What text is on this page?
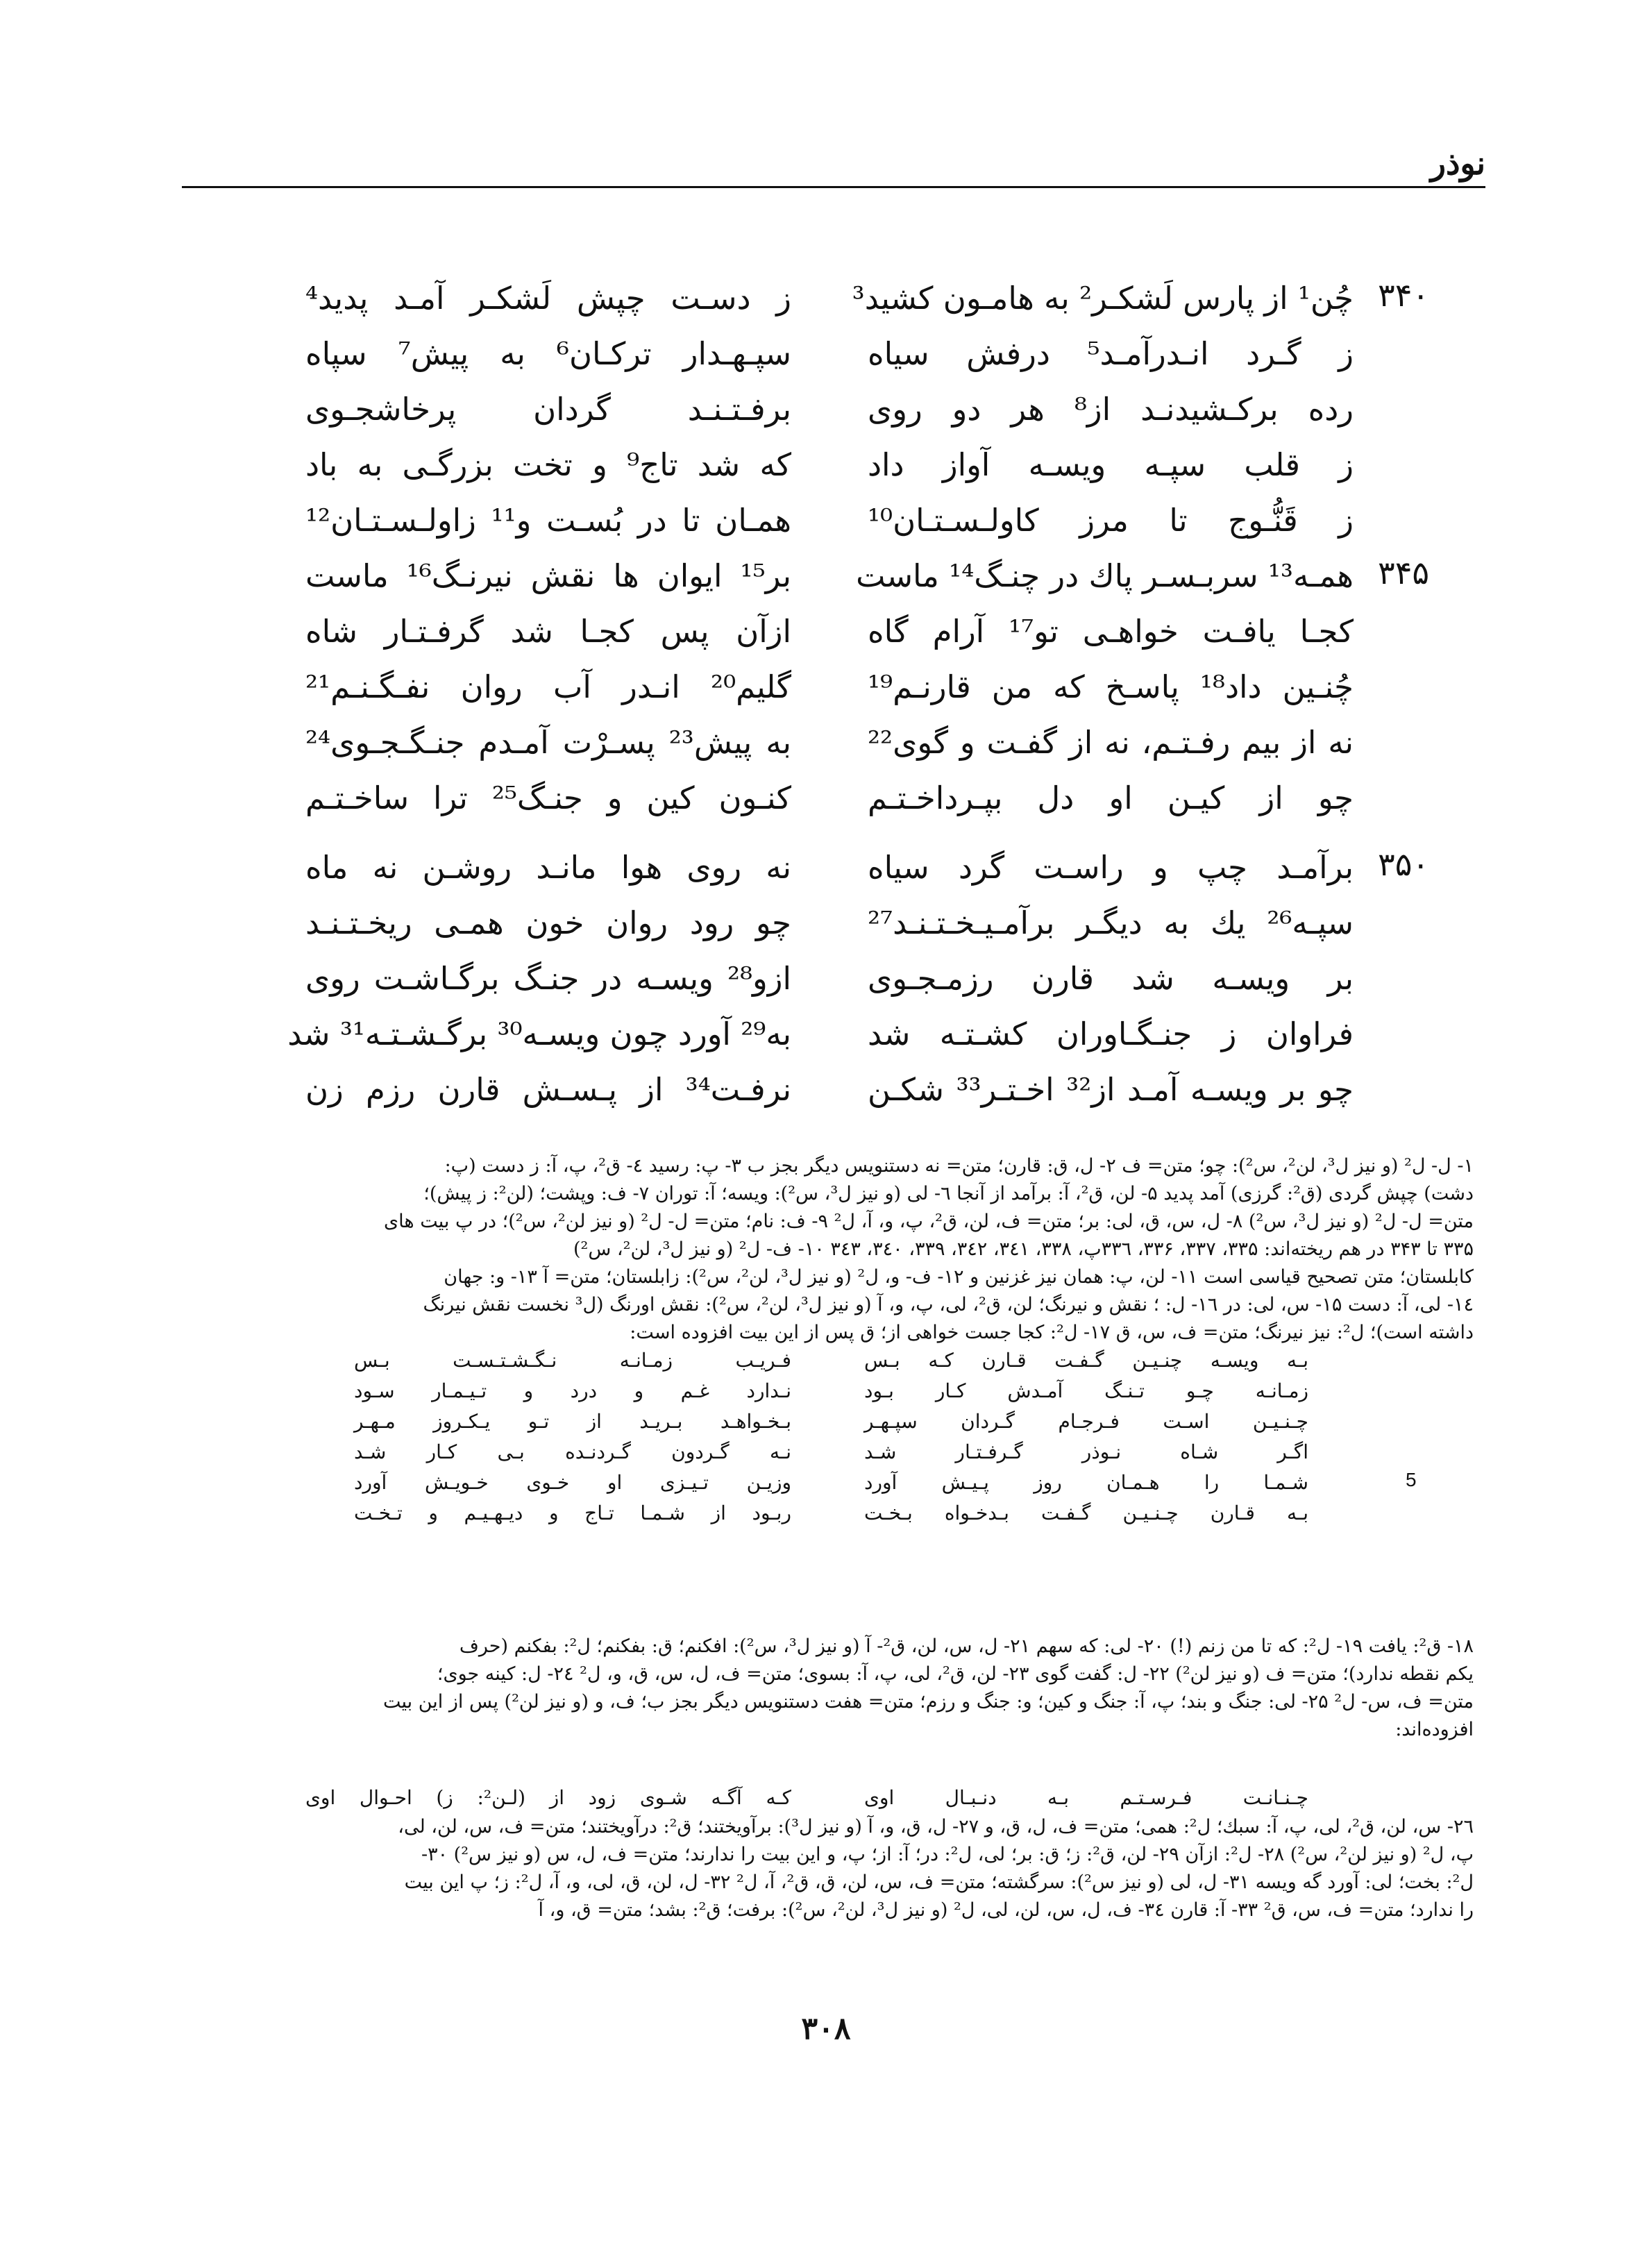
نوذر
۳۴۰
چُن¹ از پارس لَشکـر² به هامـون کشید³
ز دسـت چپش لَشکـر آمـد پدید⁴
ز گـرد انـدرآمـد⁵ درفش سیاه
سپـهـدار ترکـان⁶ به پیش⁷ سپاه
رده برکـشیدنـد از⁸ هر دو روی
برفـتـنـد گردان پرخاشجـوی
ز قلب سپـه ویسـه آواز داد
که شد تاج⁹ و تخت بزرگـی به باد
ز قَنُّـوج تا مرز کاولـسـتـان¹⁰
همـان تا در بُسـت و¹¹ زاولـسـتـان¹²
۳۴۵
همـه¹³ سربـسـر پاك در چنـگ¹⁴ ماست
بر¹⁵ ایوان ها نقش نیرنـگ¹⁶ ماست
کجـا یافـت خواهـی تو¹⁷ آرام گاه
ازآن پس کجـا شد گرفـتـار شاه
چُنـین داد¹⁸ پاسـخ که من قارنـم¹⁹
گلیم²⁰ انـدر آب روان نفـگـنـم²¹
نه از بیم رفـتـم، نه از گفـت و گوی²²
به پیش²³ پسـرْت آمـدم جنـگـجـوی²⁴
چو از کیـن او دل بپـرداخـتـم
کنـون کین و جنـگ²⁵ ترا ساخـتـم
۳۵۰
برآمـد چپ و راسـت گرد سیاه
نه روی هوا مانـد روشـن نه ماه
سپـه²⁶ یك به دیگـر برآمـیـخـتـنـد²⁷
چو رود روان خون همـی ریخـتـنـد
بر ویسـه شد قارن رزمـجـوی
ازو²⁸ ویسـه در جنـگ برگـاشـت روی
فراوان ز جنـگـاوران کشـتـه شد
به²⁹ آورد چون ویسـه³⁰ برگـشـتـه³¹ شد
چو بر ویسـه آمـد از³² اخـتـر³³ شکـن
نرفـت³⁴ از پـسـش قارن رزم زن
۱- ل- ل² (و نیز ل³، لن²، س²): چو؛ متن= ف ۲- ل، ق: قارن؛ متن= نه دستنویس دیگر بجز ب ۳- پ: رسید ٤- ق²، پ، آ: ز دست (پ:
دشت) چپش گردی (ق²: گرزی) آمد پدید ۵- لن، ق²، آ: برآمد از آنجا ٦- لی (و نیز ل³، س²): ویسه؛ آ: توران ۷- ف: وپشت؛ (لن²: ز پیش)؛
متن= ل- ل² (و نیز ل³، س²) ۸- ل، س، ق، لی: بر؛ متن= ف، لن، ق²، پ، و، آ، ل² ۹- ف: نام؛ متن= ل- ل² (و نیز لن²، س²)؛ در پ بیت های
۳۳۵ تا ۳۴۳ در هم ریخته‌اند: ۳۳۵، ۳۳۷، ۳۳۶، ۳۳٦پ، ۳۳۸، ۳٤۱، ۳٤۲، ۳۳۹، ۳٤۰، ۳٤۳ ۱۰- ف- ل² (و نیز ل³، لن²، س²)
کابلستان؛ متن تصحیح قیاسی است ۱۱- لن، پ: همان نیز غزنین و ۱۲- ف- و، ل² (و نیز ل³، لن²، س²): زابلستان؛ متن= آ ۱۳- و: جهان
۱٤- لی، آ: دست ۱۵- س، لی: در ۱٦- ل: ؛ نقش و نیرنگ؛ لن، ق²، لی، پ، و، آ (و نیز ل³، لن²، س²): نقش اورنگ (ل³ نخست نقش نیرنگ
داشته است)؛ ل²: نیز نیرنگ؛ متن= ف، س، ق ۱۷- ل²: کجا جست خواهی از؛ ق پس از این بیت افزوده است:
بـه ویسـه چنـیـن گـفـت قـارن کـه بـس
فـریـب زمـانـه نـگـشـتـسـت بـس
زمـانـه چـو تـنـگ آمـدش کـار بـود
نـدارد غـم و درد و تـیـمـار سـود
چـنـیـن اسـت فـرجـام گـردان سپـهـر
بـخـواهـد بـریـد از تـو یـکـروز مـهـر
اگـر شـاه نـوذر گـرفـتـار شـد
نـه گـردون گـردنـده بـی کـار شـد
5
شـمـا را هـمـان روز پـیـش آورد
وزیـن تـیـزی او خـوی خـویـش آورد
بـه قـارن چـنـیـن گـفـت بـدخـواه بـخـت
ربـود از شـمـا تـاج و دیـهـیـم و تـخـت
۱۸- ق²: یافت ۱۹- ل²: که تا من زنم (!) ۲۰- لی: که سهم ۲۱- ل، س، لن، ق²- آ (و نیز ل³، س²): افکنم؛ ق: بفکنم؛ ل²: بفکنم (حرف
یکم نقطه ندارد)؛ متن= ف (و نیز لن²) ۲۲- ل: گفت گوی ۲۳- لن، ق²، لی، پ، آ: بسوی؛ متن= ف، ل، س، ق، و، ل² ۲٤- ل: کینه جوی؛
متن= ف، س- ل² ۲۵- لی: جنگ و بند؛ پ، آ: جنگ و کین؛ و: جنگ و رزم؛ متن= هفت دستنویس دیگر بجز ب؛ ف، و (و نیز لن²) پس از این بیت
افزوده‌اند:
چـنـانـت فـرسـتـم بـه دنـبـال اوی
کـه آگـه شـوی زود از (لـن²: ز) احـوال اوی
۲٦- س، لن، ق²، لی، پ، آ: سبك؛ ل²: همی؛ متن= ف، ل، ق، و ۲۷- ل، ق، و، آ (و نیز ل³): برآویختند؛ ق²: درآویختند؛ متن= ف، س، لن، لی،
پ، ل² (و نیز لن²، س²) ۲۸- ل²: ازآن ۲۹- لن، ق²: ز؛ ق: بر؛ لی، ل²: در؛ آ: از؛ پ، و این بیت را ندارند؛ متن= ف، ل، س (و نیز س²) ۳۰-
ل²: بخت؛ لی: آورد گه ویسه ۳۱- ل، لی (و نیز س²): سرگشته؛ متن= ف، س، لن، ق، ق²، آ، ل² ۳۲- ل، لن، ق، لی، و، آ، ل²: ز؛ پ این بیت
را ندارد؛ متن= ف، س، ق² ۳۳- آ: قارن ۳٤- ف، ل، س، لن، لی، ل² (و نیز ل³، لن²، س²): برفت؛ ق²: بشد؛ متن= ق، و، آ
۳۰۸
